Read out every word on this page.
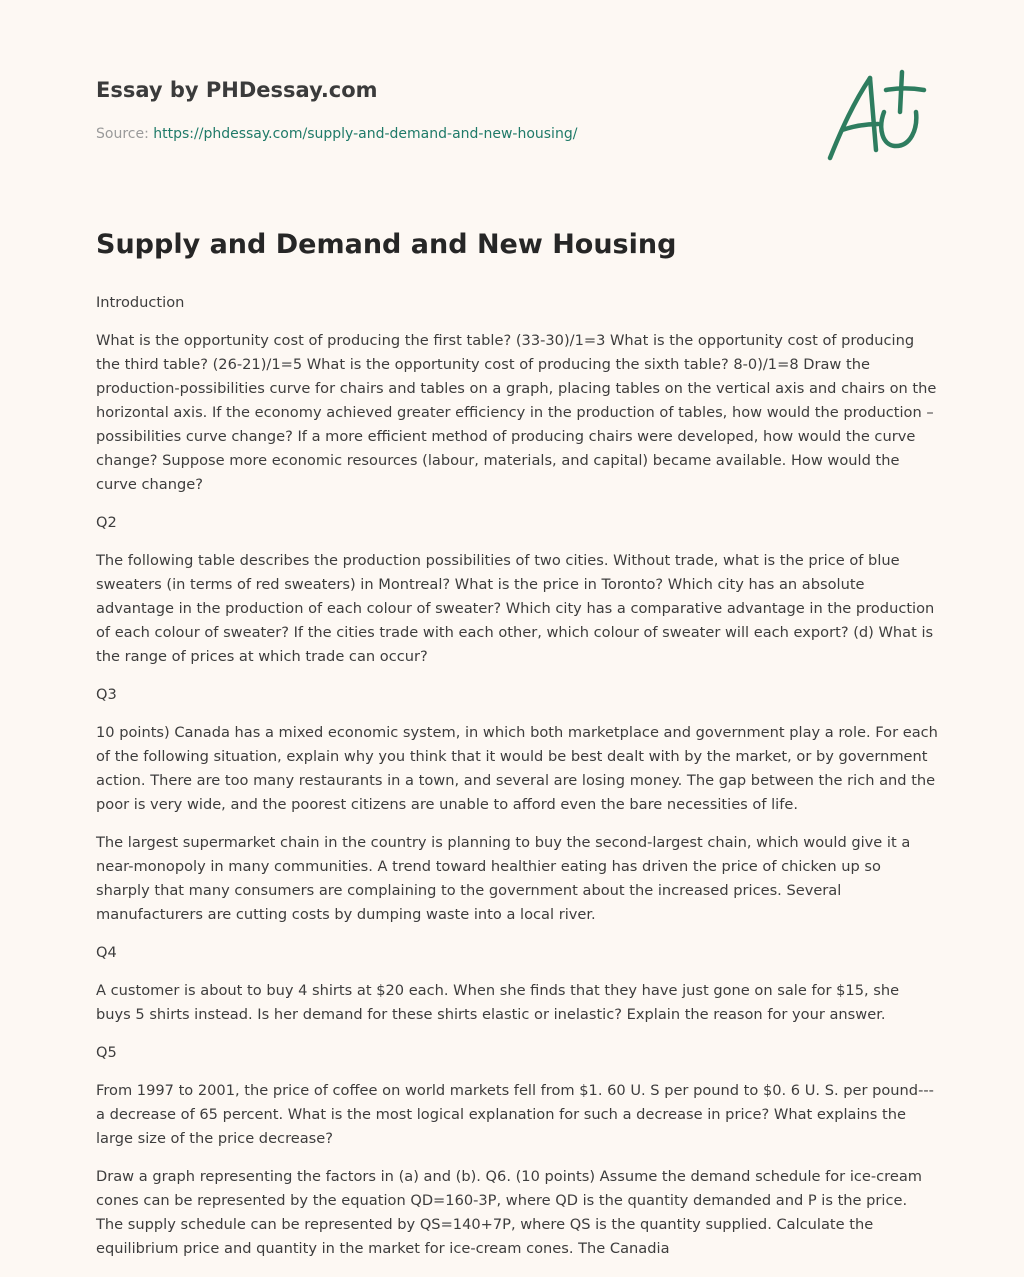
Essay by PHDessay.com
Source: https://phdessay.com/supply-and-demand-and-new-housing/
Supply and Demand and New Housing

Introduction

What is the opportunity cost of producing the first table? (33-30)/1=3 What is the opportunity cost of producing the third table? (26-21)/1=5 What is the opportunity cost of producing the sixth table? 8-0)/1=8 Draw the production-possibilities curve for chairs and tables on a graph, placing tables on the vertical axis and chairs on the horizontal axis. If the economy achieved greater efficiency in the production of tables, how would the production –possibilities curve change? If a more efficient method of producing chairs were developed, how would the curve change? Suppose more economic resources (labour, materials, and capital) became available. How would the curve change?

Q2

The following table describes the production possibilities of two cities. Without trade, what is the price of blue sweaters (in terms of red sweaters) in Montreal? What is the price in Toronto? Which city has an absolute advantage in the production of each colour of sweater? Which city has a comparative advantage in the production of each colour of sweater? If the cities trade with each other, which colour of sweater will each export? (d) What is the range of prices at which trade can occur?

Q3

10 points) Canada has a mixed economic system, in which both marketplace and government play a role. For each of the following situation, explain why you think that it would be best dealt with by the market, or by government action. There are too many restaurants in a town, and several are losing money. The gap between the rich and the poor is very wide, and the poorest citizens are unable to afford even the bare necessities of life.

The largest supermarket chain in the country is planning to buy the second-largest chain, which would give it a near-monopoly in many communities. A trend toward healthier eating has driven the price of chicken up so sharply that many consumers are complaining to the government about the increased prices. Several manufacturers are cutting costs by dumping waste into a local river.

Q4

A customer is about to buy 4 shirts at $20 each. When she finds that they have just gone on sale for $15, she buys 5 shirts instead. Is her demand for these shirts elastic or inelastic? Explain the reason for your answer.

Q5

From 1997 to 2001, the price of coffee on world markets fell from $1. 60 U. S per pound to $0. 6 U. S. per pound--- a decrease of 65 percent. What is the most logical explanation for such a decrease in price? What explains the large size of the price decrease?

Draw a graph representing the factors in (a) and (b). Q6. (10 points) Assume the demand schedule for ice-cream cones can be represented by the equation QD=160-3P, where QD is the quantity demanded and P is the price. The supply schedule can be represented by QS=140+7P, where QS is the quantity supplied. Calculate the equilibrium price and quantity in the market for ice-cream cones. The Canadia
